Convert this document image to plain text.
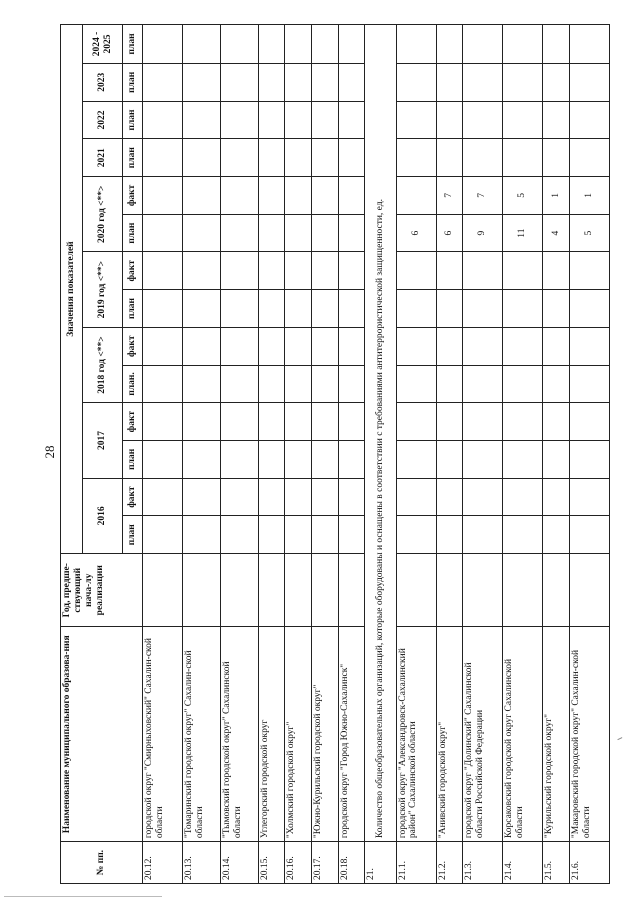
28
№ пп.	Наименование муниципального образова-ния	Год, предше-ствующий нача-лу реализации	Значения показателей													
			2016		2017		2018 год <**>		2019 год <**>		2020 год <**>		2021	2022	2023	2024 - 2025
			план	факт	план	факт	план.	факт	план	факт	план	факт	план	план	план	план
20.12.	городской округ "Смирныховский" Сахалин-ской области															
20.13.	"Томаринский городской округ" Сахалин-ской области															
20.14.	"Тымовский городской округ" Сахалинской области															
20.15.	Углегорский городской округ															
20.16.	"Холмский городской округ"															
20.17.	"Южно-Курильский городской округ"															
20.18.	городской округ "Город Южно-Сахалинск"															
21.	Количество общеобразовательных организаций, которые оборудованы и оснащены в соответствии с требованиями антитеррористической защищенности, ед.															
21.1.	городской округ "Александровск-Сахалинский район" Сахалинской области										6					
21.2.	"Анивский городской округ"										6	7				
21.3.	городской округ "Долинский" Сахалинской области Российской Федерации										9	7				
21.4.	Корсаковский городской округ Сахалинской области										11	5				
21.5.	"Курильский городской округ"										4	1				
21.6.	"Макаровский городской округ" Сахалин-ской области										5	1				
